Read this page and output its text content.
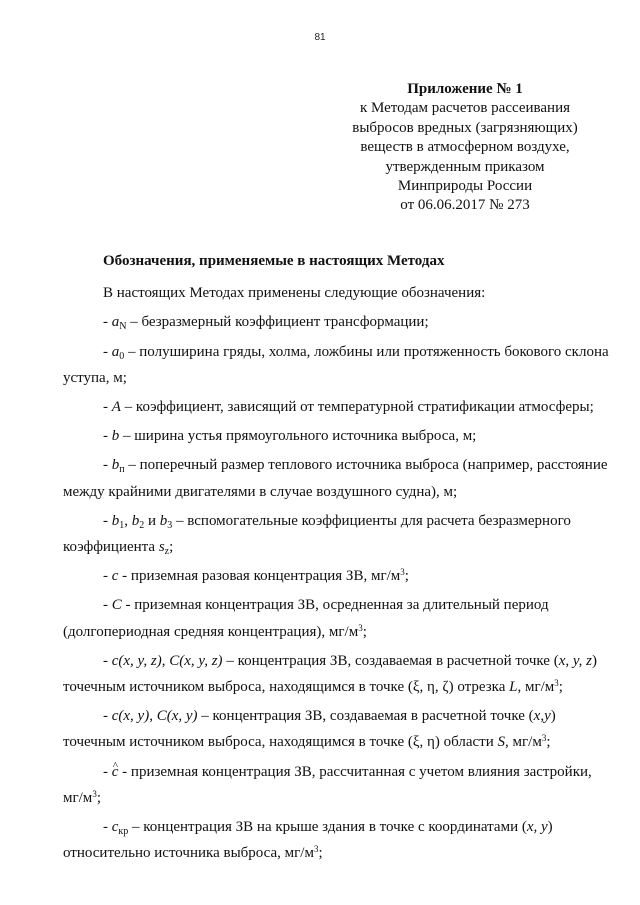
81
Приложение № 1
к Методам расчетов рассеивания
выбросов вредных (загрязняющих)
веществ в атмосферном воздухе,
утвержденным приказом
Минприроды России
от 06.06.2017 № 273
Обозначения, применяемые в настоящих Методах
В настоящих Методах применены следующие обозначения:
- $a_N$ – безразмерный коэффициент трансформации;
- $a_0$ – полуширина гряды, холма, ложбины или протяженность бокового склона
уступа, м;
- A – коэффициент, зависящий от температурной стратификации атмосферы;
- b – ширина устья прямоугольного источника выброса, м;
- $b_п$ – поперечный размер теплового источника выброса (например, расстояние
между крайними двигателями в случае воздушного судна), м;
- $b_1$, $b_2$ и $b_3$ – вспомогательные коэффициенты для расчета безразмерного
коэффициента $s_z$;
- c - приземная разовая концентрация ЗВ, $мг/м^3$;
- C - приземная концентрация ЗВ, осредненная за длительный период
(долгопериодная средняя концентрация), $мг/м^3$;
- c(x, y, z), C(x, y, z) – концентрация ЗВ, создаваемая в расчетной точке (x, y, z)
точечным источником выброса, находящимся в точке (ξ, η, ζ) отрезка L, $мг/м^3$;
- c(x, y), C(x, y) – концентрация ЗВ, создаваемая в расчетной точке (x,y)
точечным источником выброса, находящимся в точке (ξ, η) области S, $мг/м^3$;
- ^ c - приземная концентрация ЗВ, рассчитанная с учетом влияния застройки,
$мг/м^3$;
- $c_{кр}$ – концентрация ЗВ на крыше здания в точке с координатами (x, y)
относительно источника выброса, $мг/м^3$;
